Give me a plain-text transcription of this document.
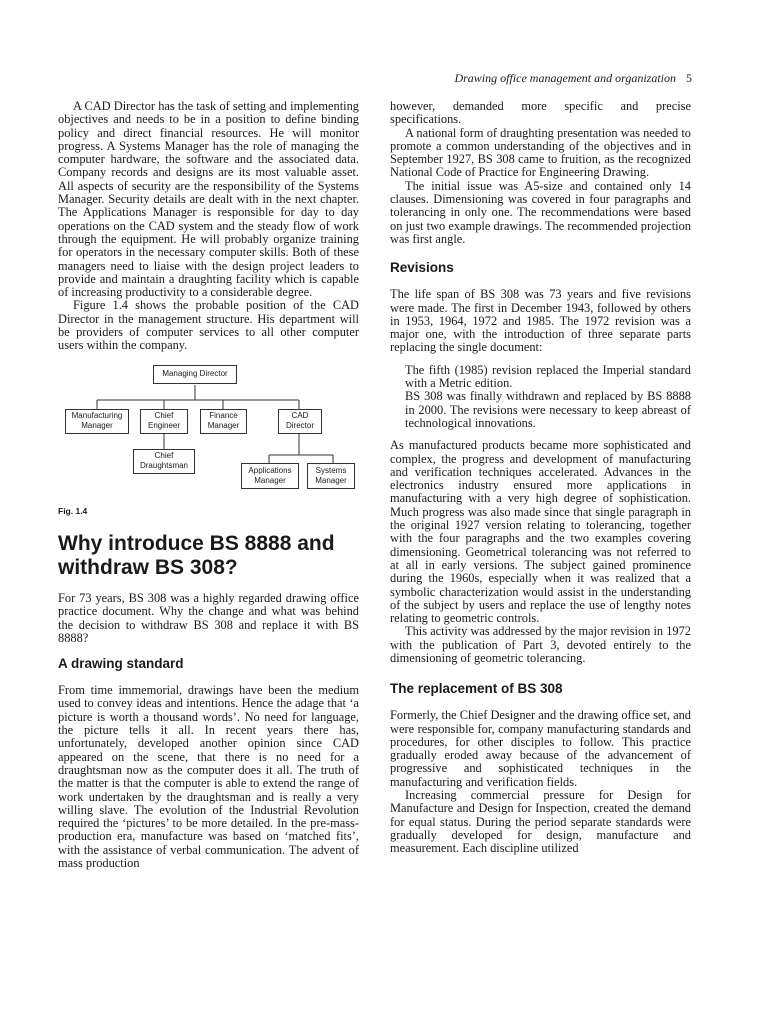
Drawing office management and organization 5

A CAD Director has the task of setting and implementing objectives and needs to be in a position to define binding policy and direct financial resources. He will monitor progress. A Systems Manager has the role of managing the computer hardware, the software and the associated data. Company records and designs are its most valuable asset. All aspects of security are the responsibility of the Systems Manager. Security details are dealt with in the next chapter. The Applications Manager is responsible for day to day operations on the CAD system and the steady flow of work through the equipment. He will probably organize training for operators in the necessary computer skills. Both of these managers need to liaise with the design project leaders to provide and maintain a draughting facility which is capable of increasing productivity to a considerable degree.

Figure 1.4 shows the probable position of the CAD Director in the management structure. His department will be providers of computer services to all other computer users within the company.

Managing Director
Manufacturing Manager
Chief Engineer
Finance Manager
CAD Director
Chief Draughtsman	Applications Manager
Systems Manager
Fig. 1.4
Why introduce BS 8888 and withdraw BS 308?

For 73 years, BS 308 was a highly regarded drawing office practice document. Why the change and what was behind the decision to withdraw BS 308 and replace it with BS 8888?

A drawing standard

From time immemorial, drawings have been the medium used to convey ideas and intentions. Hence the adage that ‘a picture is worth a thousand words’. No need for language, the picture tells it all. In recent years there has, unfortunately, developed another opinion since CAD appeared on the scene, that there is no need for a draughtsman now as the computer does it all. The truth of the matter is that the computer is able to extend the range of work undertaken by the draughtsman and is really a very willing slave. The evolution of the Industrial Revolution required the ‘pictures’ to be more detailed. In the pre-mass-production era, manufacture was based on ‘matched fits’, with the assistance of verbal communication. The advent of mass production

however, demanded more specific and precise specifications.

A national form of draughting presentation was needed to promote a common understanding of the objectives and in September 1927, BS 308 came to fruition, as the recognized National Code of Practice for Engineering Drawing.

The initial issue was A5-size and contained only 14 clauses. Dimensioning was covered in four paragraphs and tolerancing in only one. The recommendations were based on just two example drawings. The recommended projection was first angle.

Revisions

The life span of BS 308 was 73 years and five revisions were made. The first in December 1943, followed by others in 1953, 1964, 1972 and 1985. The 1972 revision was a major one, with the introduction of three separate parts replacing the single document:

The fifth (1985) revision replaced the Imperial standard with a Metric edition.

BS 308 was finally withdrawn and replaced by BS 8888 in 2000. The revisions were necessary to keep abreast of technological innovations.

As manufactured products became more sophisticated and complex, the progress and development of manufacturing and verification techniques accelerated. Advances in the electronics industry ensured more applications in manufacturing with a very high degree of sophistication. Much progress was also made since that single paragraph in the original 1927 version relating to tolerancing, together with the four paragraphs and the two examples covering dimensioning. Geometrical tolerancing was not referred to at all in early versions. The subject gained prominence during the 1960s, especially when it was realized that a symbolic characterization would assist in the understanding of the subject by users and replace the use of lengthy notes relating to geometric controls.

This activity was addressed by the major revision in 1972 with the publication of Part 3, devoted entirely to the dimensioning of geometric tolerancing.

The replacement of BS 308

Formerly, the Chief Designer and the drawing office set, and were responsible for, company manufacturing standards and procedures, for other disciples to follow. This practice gradually eroded away because of the advancement of progressive and sophisticated techniques in the manufacturing and verification fields.

Increasing commercial pressure for Design for Manufacture and Design for Inspection, created the demand for equal status. During the period separate standards were gradually developed for design, manufacture and measurement. Each discipline utilized
